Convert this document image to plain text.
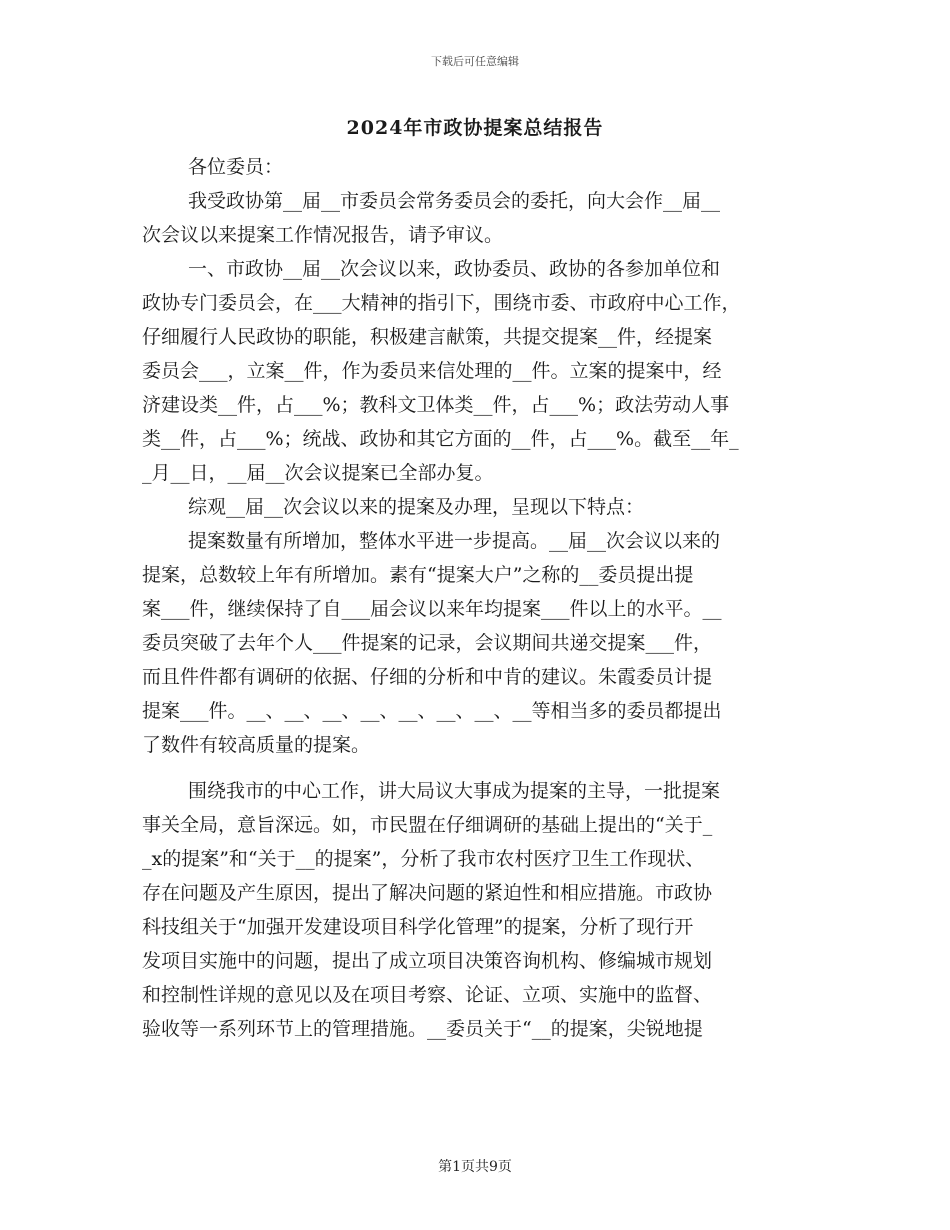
下载后可任意编辑
2024年市政协提案总结报告
各位委员：
我受政协第__届__市委员会常务委员会的委托，向大会作__届__
次会议以来提案工作情况报告，请予审议。
一、市政协__届__次会议以来，政协委员、政协的各参加单位和
政协专门委员会，在___大精神的指引下，围绕市委、市政府中心工作，
仔细履行人民政协的职能，积极建言献策，共提交提案__件，经提案
委员会___，立案__件，作为委员来信处理的__件。立案的提案中，经
济建设类__件，占___%；教科文卫体类__件，占___%；政法劳动人事
类__件，占___%；统战、政协和其它方面的__件，占___%。截至__年_
_月__日，__届__次会议提案已全部办复。
综观__届__次会议以来的提案及办理，呈现以下特点：
提案数量有所增加，整体水平进一步提高。__届__次会议以来的
提案，总数较上年有所增加。素有“提案大户”之称的__委员提出提
案___件，继续保持了自___届会议以来年均提案___件以上的水平。__
委员突破了去年个人___件提案的记录，会议期间共递交提案___件，
而且件件都有调研的依据、仔细的分析和中肯的建议。朱霞委员计提
提案___件。__、__、__、__、__、__、__、__等相当多的委员都提出
了数件有较高质量的提案。
围绕我市的中心工作，讲大局议大事成为提案的主导，一批提案
事关全局，意旨深远。如，市民盟在仔细调研的基础上提出的“关于_
_x的提案”和“关于__的提案”，分析了我市农村医疗卫生工作现状、
存在问题及产生原因，提出了解决问题的紧迫性和相应措施。市政协
科技组关于“加强开发建设项目科学化管理”的提案，分析了现行开
发项目实施中的问题，提出了成立项目决策咨询机构、修编城市规划
和控制性详规的意见以及在项目考察、论证、立项、实施中的监督、
验收等一系列环节上的管理措施。__委员关于“__的提案，尖锐地提
第1页共9页
